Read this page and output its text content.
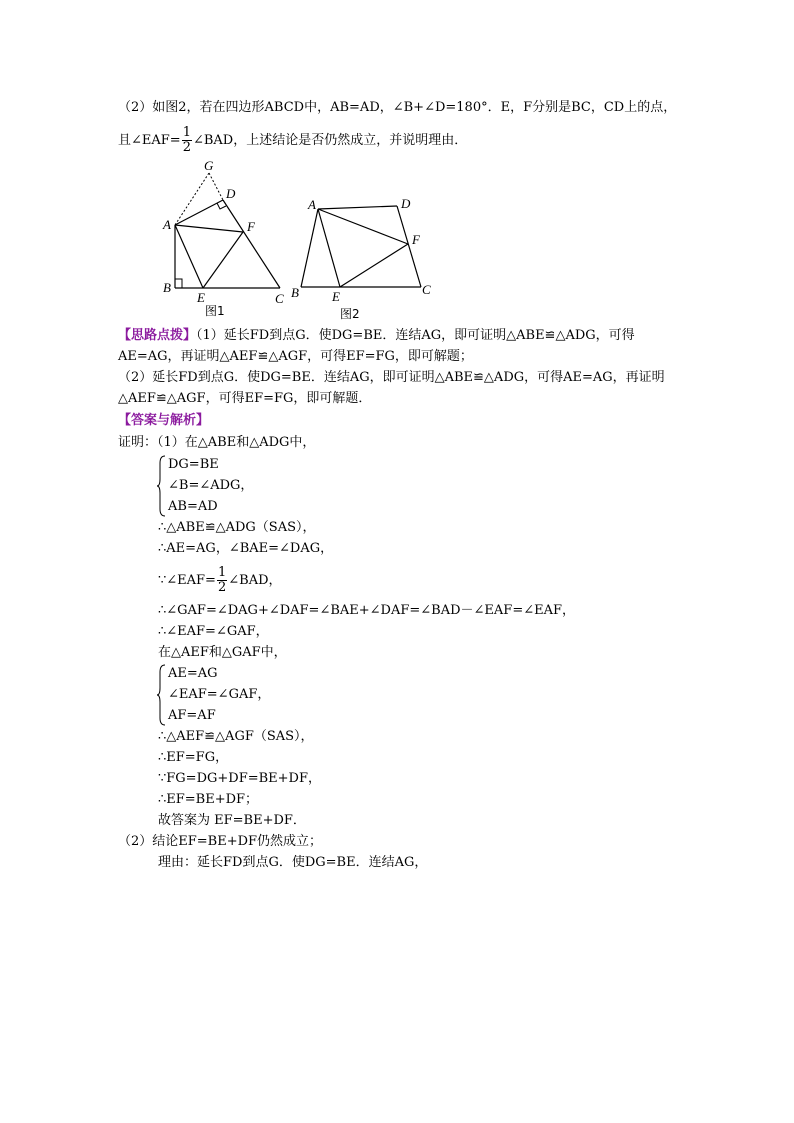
（2）如图2，若在四边形ABCD中，AB=AD，∠B+∠D=180°．E，F分别是BC，CD上的点，
且∠EAF= $\frac{1}{2}$ ∠BAD，上述结论是否仍然成立，并说明理由．
G
D
A	F
B
E	C
图1
A	D
F
B	E	C
图2
【思路点拨】（1）延长FD到点G．使DG=BE．连结AG，即可证明△ABE≌△ADG，可得
AE=AG，再证明△AEF≌△AGF，可得EF=FG，即可解题；
（2）延长FD到点G．使DG=BE．连结AG，即可证明△ABE≌△ADG，可得AE=AG，再证明
△AEF≌△AGF，可得EF=FG，即可解题．
【答案与解析】
证明：（1）在△ABE和△ADG中，
DG=BE
∠B=∠ADG，
AB=AD
∴△ABE≌△ADG（SAS），
∴AE=AG，∠BAE=∠DAG，
∵∠EAF= $\frac{1}{2}$ ∠BAD，
∴∠GAF=∠DAG+∠DAF=∠BAE+∠DAF=∠BAD－∠EAF=∠EAF，
∴∠EAF=∠GAF，
在△AEF和△GAF中，
AE=AG
∠EAF=∠GAF，
AF=AF
∴△AEF≌△AGF（SAS），
∴EF=FG，
∵FG=DG+DF=BE+DF，
∴EF=BE+DF；
故答案为 EF=BE+DF．
（2）结论EF=BE+DF仍然成立；
理由：延长FD到点G．使DG=BE．连结AG，
